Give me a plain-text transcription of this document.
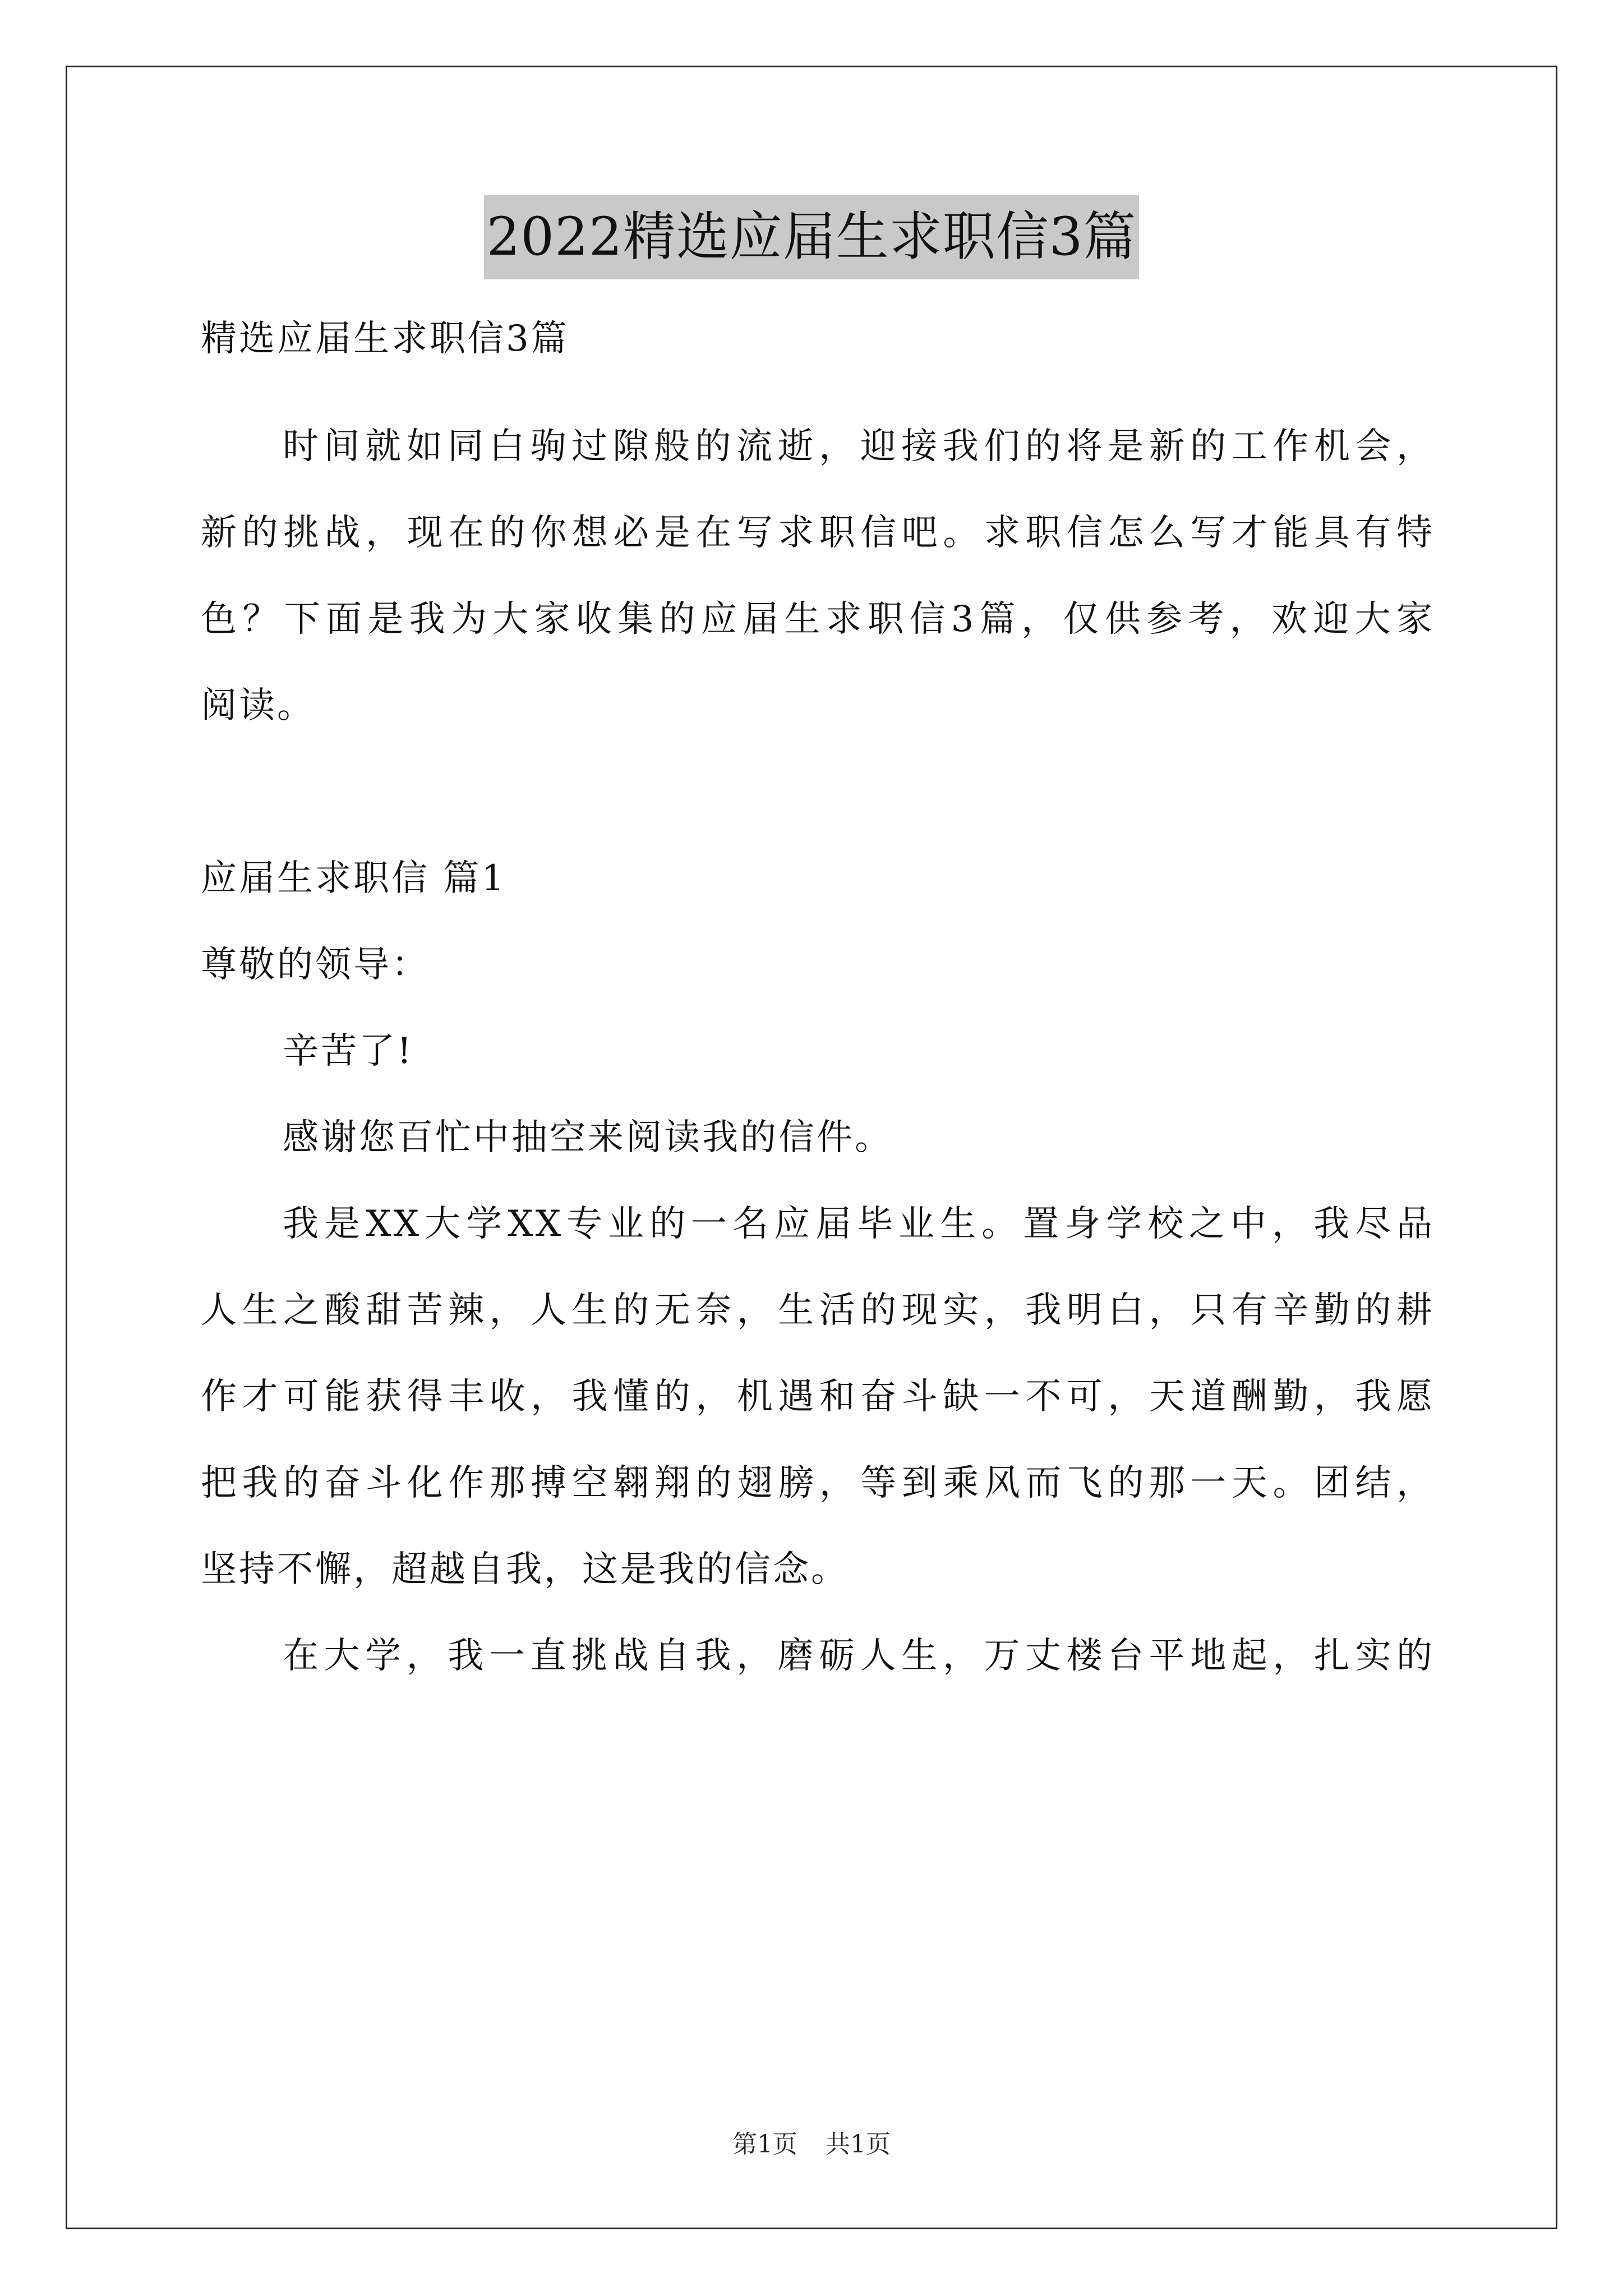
2022精选应届生求职信3篇
精选应届生求职信3篇
时间就如同白驹过隙般的流逝，迎接我们的将是新的工作机会，
新的挑战，现在的你想必是在写求职信吧。求职信怎么写才能具有特
色？下面是我为大家收集的应届生求职信3篇，仅供参考，欢迎大家
阅读。
应届生求职信 篇1
尊敬的领导：
辛苦了!
感谢您百忙中抽空来阅读我的信件。
我是XX大学XX专业的一名应届毕业生。置身学校之中，我尽品
人生之酸甜苦辣，人生的无奈，生活的现实，我明白，只有辛勤的耕
作才可能获得丰收，我懂的，机遇和奋斗缺一不可，天道酬勤，我愿
把我的奋斗化作那搏空翱翔的翅膀，等到乘风而飞的那一天。团结，
坚持不懈，超越自我，这是我的信念。
在大学，我一直挑战自我，磨砺人生，万丈楼台平地起，扎实的
第1页 共1页
